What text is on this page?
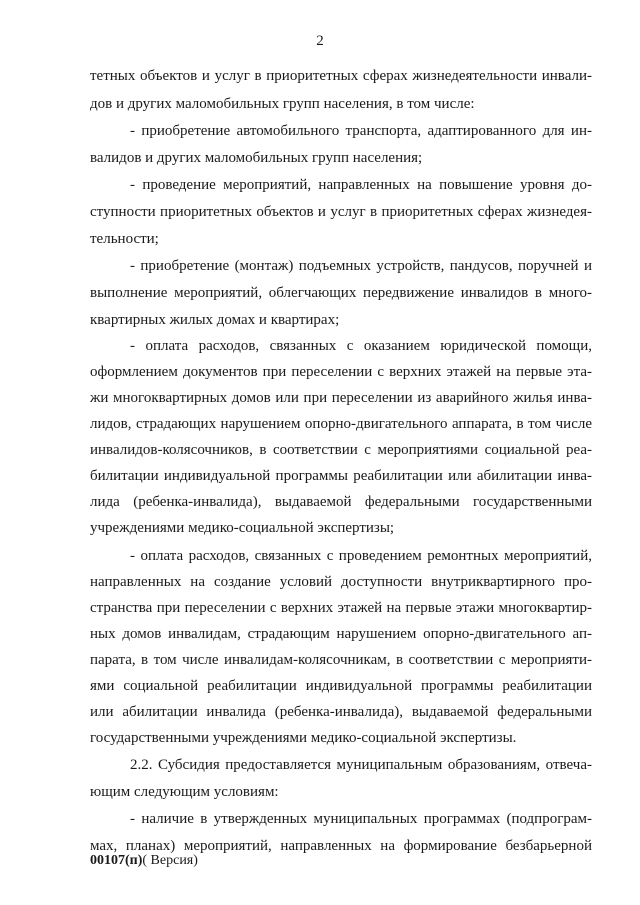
2
тетных объектов и услуг в приоритетных сферах жизнедеятельности инвали-
дов и других маломобильных групп населения, в том числе:
- приобретение автомобильного транспорта, адаптированного для ин-
валидов и других маломобильных групп населения;
- проведение мероприятий, направленных на повышение уровня до-
ступности приоритетных объектов и услуг в приоритетных сферах жизнедея-
тельности;
- приобретение (монтаж) подъемных устройств, пандусов, поручней и
выполнение мероприятий, облегчающих передвижение инвалидов в много-
квартирных жилых домах и квартирах;
- оплата расходов, связанных с оказанием юридической помощи,
оформлением документов при переселении с верхних этажей на первые эта-
жи многоквартирных домов или при переселении из аварийного жилья инва-
лидов, страдающих нарушением опорно-двигательного аппарата, в том числе
инвалидов-колясочников, в соответствии с мероприятиями социальной реа-
билитации индивидуальной программы реабилитации или абилитации инва-
лида (ребенка-инвалида), выдаваемой федеральными государственными
учреждениями медико-социальной экспертизы;
- оплата расходов, связанных с проведением ремонтных мероприятий,
направленных на создание условий доступности внутриквартирного про-
странства при переселении с верхних этажей на первые этажи многоквартир-
ных домов инвалидам, страдающим нарушением опорно-двигательного ап-
парата, в том числе инвалидам-колясочникам, в соответствии с мероприяти-
ями социальной реабилитации индивидуальной программы реабилитации
или абилитации инвалида (ребенка-инвалида), выдаваемой федеральными
государственными учреждениями медико-социальной экспертизы.
2.2. Субсидия предоставляется муниципальным образованиям, отвеча-
ющим следующим условиям:
- наличие в утвержденных муниципальных программах (подпрограм-
мах, планах) мероприятий, направленных на формирование безбарьерной
00107(п)( Версия)
